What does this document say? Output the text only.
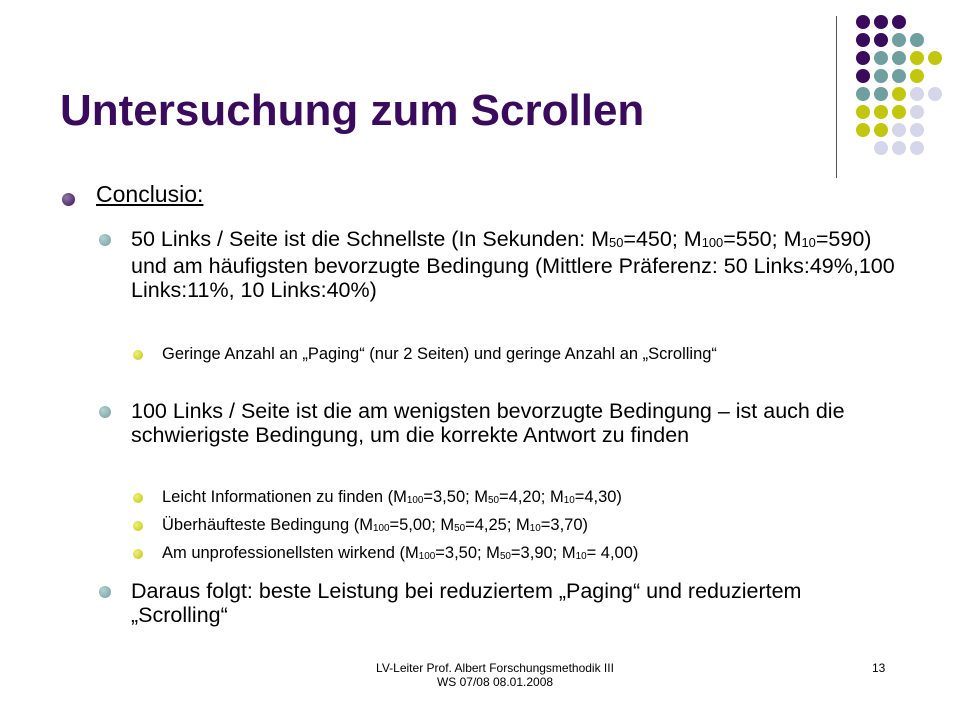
Untersuchung zum Scrollen
Conclusio:
50 Links / Seite ist die Schnellste (In Sekunden: $M_{50}=450$; $M_{100}=550$; $M_{10}=590$) und am häufigsten bevorzugte Bedingung (Mittlere Präferenz: 50 Links:49%,100 Links:11%, 10 Links:40%)
Geringe Anzahl an „Paging“ (nur 2 Seiten) und geringe Anzahl an „Scrolling“
100 Links / Seite ist die am wenigsten bevorzugte Bedingung – ist auch die schwierigste Bedingung, um die korrekte Antwort zu finden
Leicht Informationen zu finden ($M_{100}=3,50$; $M_{50}=4,20$; $M_{10}=4,30$)
Überhäufteste Bedingung ($M_{100}=5,00$; $M_{50}=4,25$; $M_{10}=3,70$)
Am unprofessionellsten wirkend ($M_{100}=3,50$; $M_{50}=3,90$; $M_{10}= 4,00$)
Daraus folgt: beste Leistung bei reduziertem „Paging“ und reduziertem „Scrolling“
LV-Leiter Prof. Albert Forschungsmethodik III
WS 07/08 08.01.2008
13
